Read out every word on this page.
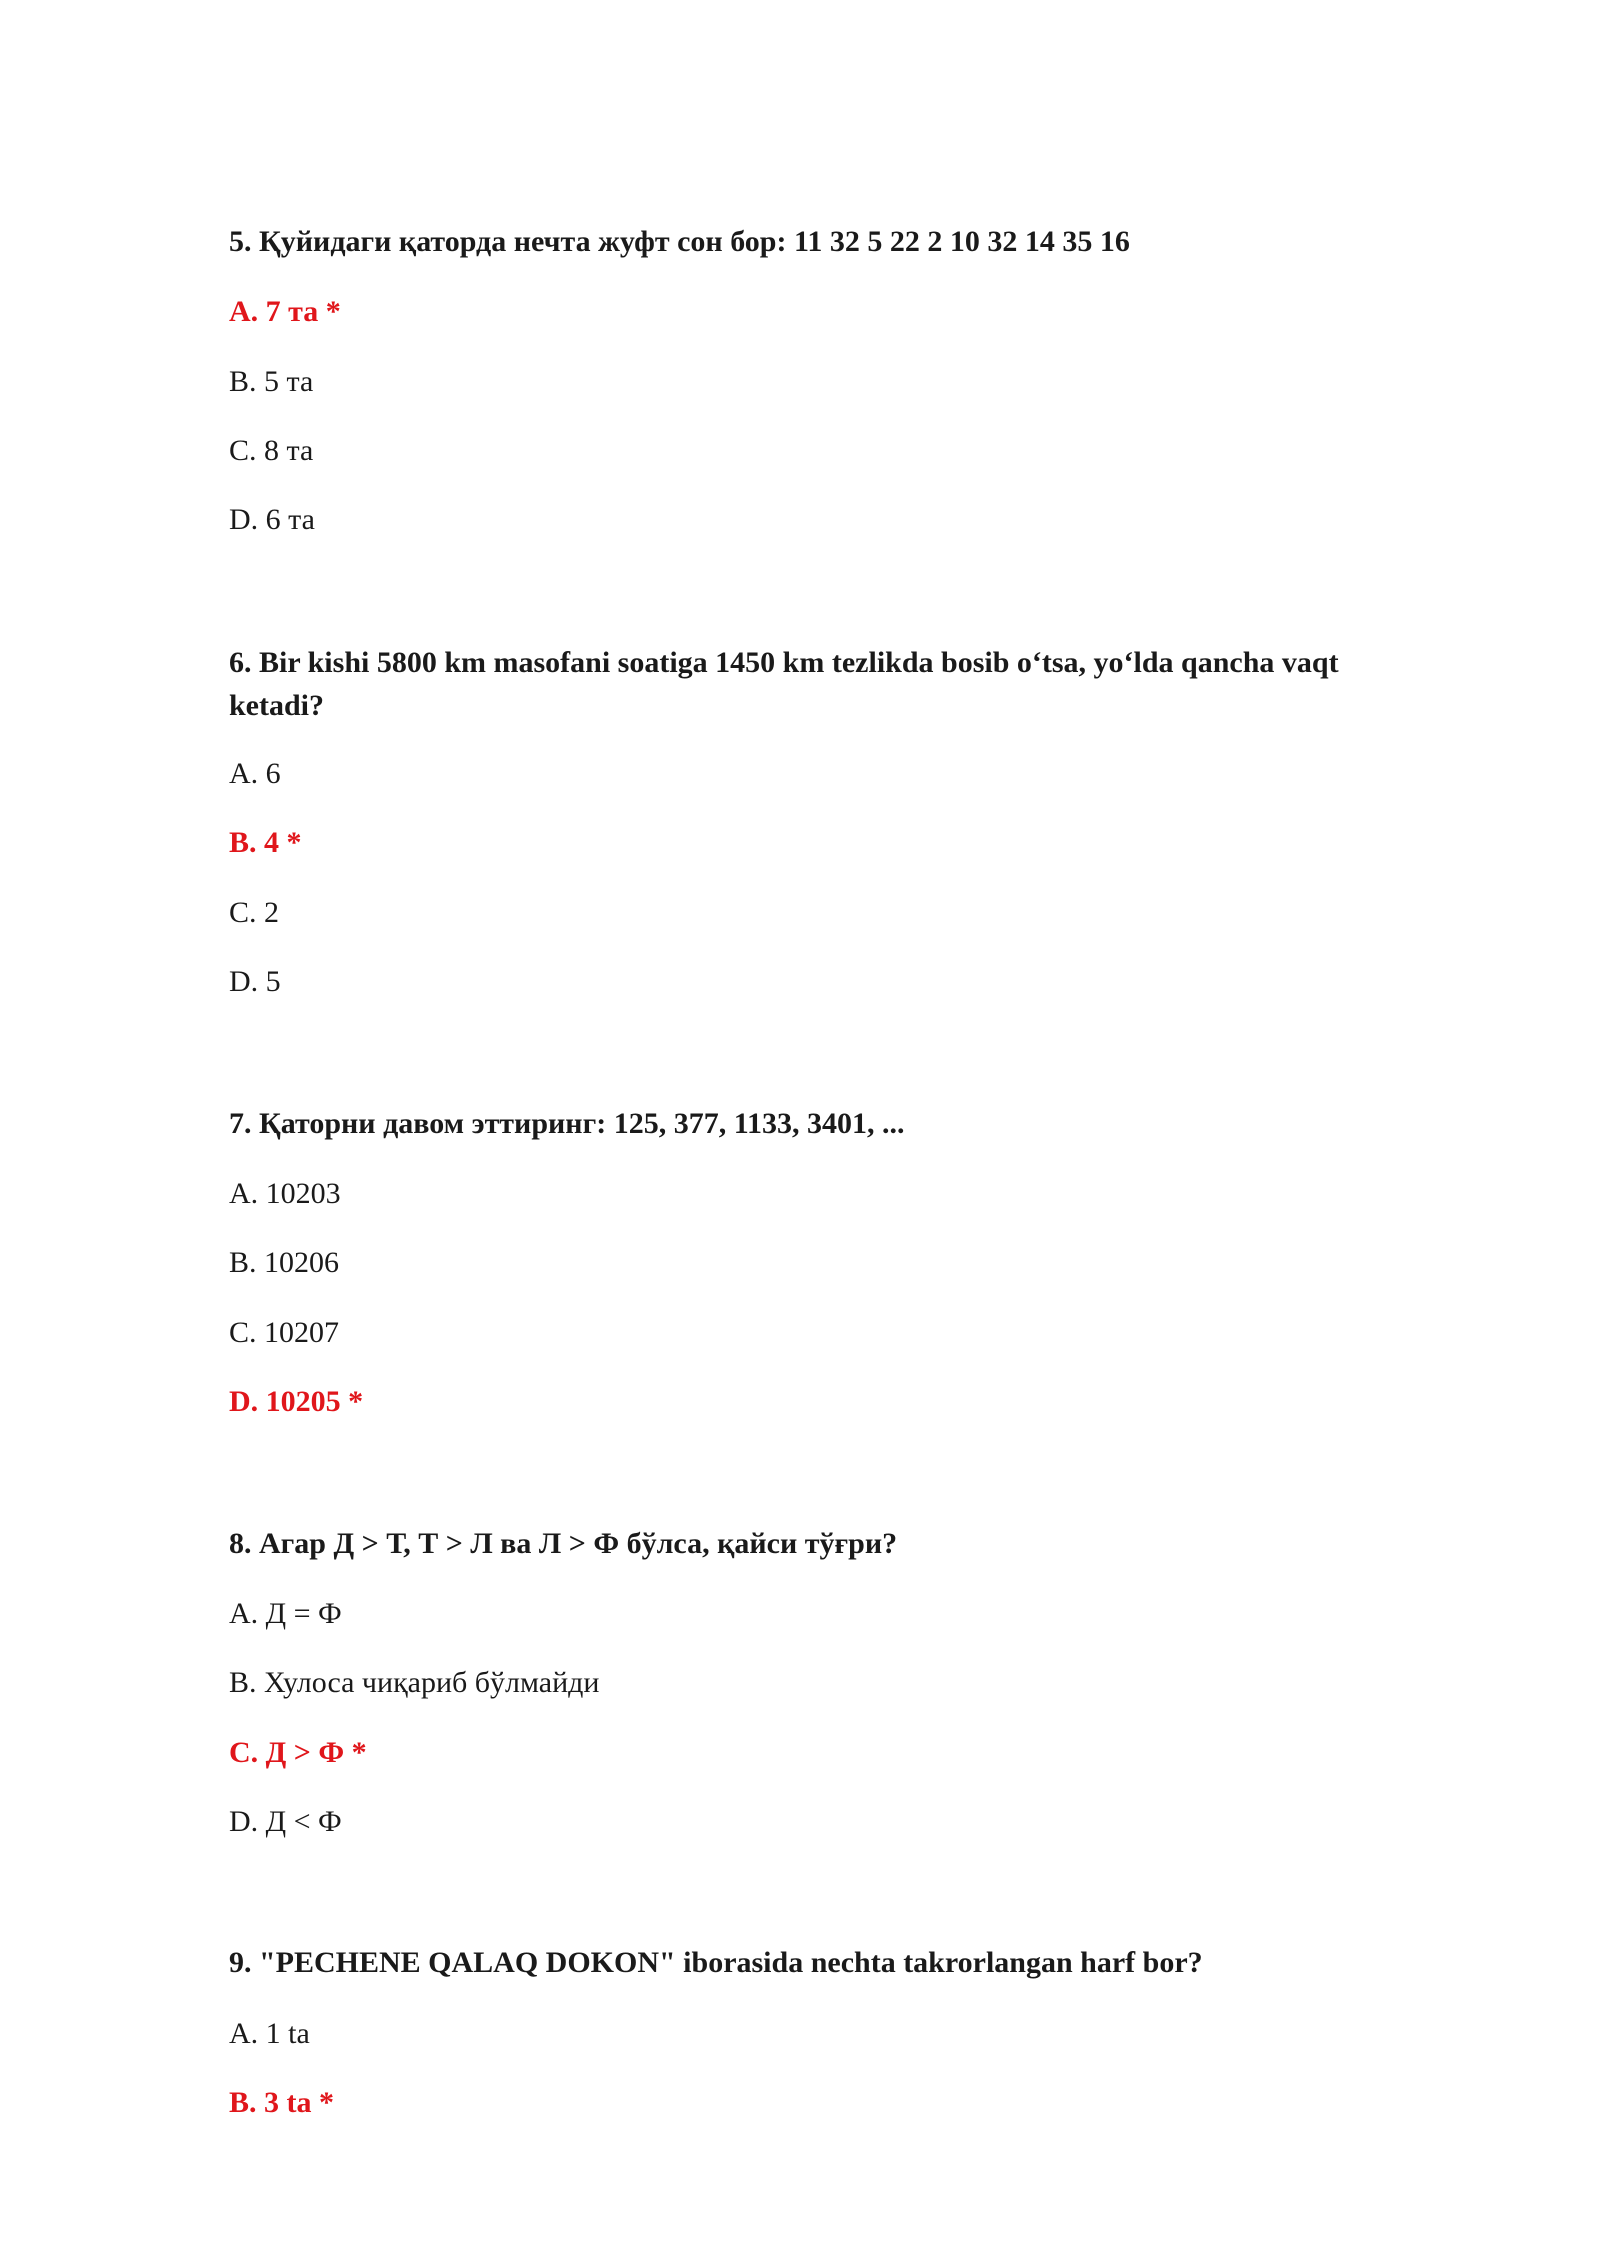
5. Қуйидаги қаторда нечта жуфт сон бор: 11 32 5 22 2 10 32 14 35 16

A. 7 та *

B. 5 та

C. 8 та

D. 6 та

6. Bir kishi 5800 km masofani soatiga 1450 km tezlikda bosib o‘tsa, yo‘lda qancha vaqt ketadi?

A. 6

B. 4 *

C. 2

D. 5

7. Қаторни давом эттиринг: 125, 377, 1133, 3401, ...

A. 10203

B. 10206

C. 10207

D. 10205 *

8. Агар Д > Т, Т > Л ва Л > Ф бўлса, қайси тўғри?

A. Д = Ф

B. Хулоса чиқариб бўлмайди

C. Д > Ф *

D. Д < Ф

9. "PECHENE QALAQ DOKON" iborasida nechta takrorlangan harf bor?

A. 1 ta

B. 3 ta *
